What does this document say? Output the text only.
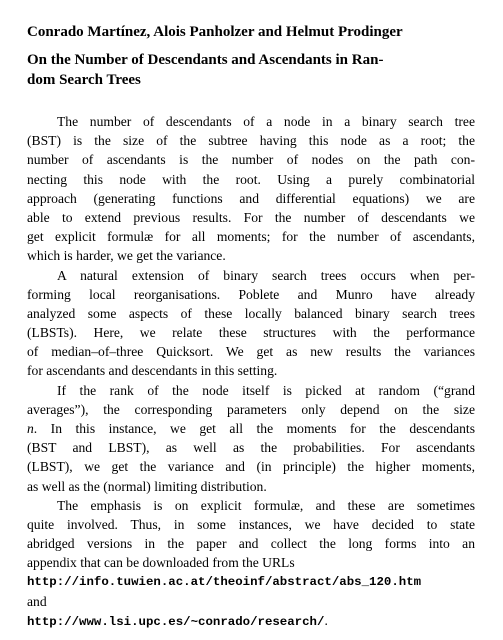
Conrado Martínez, Alois Panholzer and Helmut Prodinger
On the Number of Descendants and Ascendants in Ran-
dom Search Trees
The number of descendants of a node in a binary search tree
(BST) is the size of the subtree having this node as a root; the
number of ascendants is the number of nodes on the path con-
necting this node with the root. Using a purely combinatorial
approach (generating functions and differential equations) we are
able to extend previous results. For the number of descendants we
get explicit formulæ for all moments; for the number of ascendants,
which is harder, we get the variance.
A natural extension of binary search trees occurs when per-
forming local reorganisations. Poblete and Munro have already
analyzed some aspects of these locally balanced binary search trees
(LBSTs). Here, we relate these structures with the performance
of median–of–three Quicksort. We get as new results the variances
for ascendants and descendants in this setting.
If the rank of the node itself is picked at random (“grand
averages”), the corresponding parameters only depend on the size
n. In this instance, we get all the moments for the descendants
(BST and LBST), as well as the probabilities. For ascendants
(LBST), we get the variance and (in principle) the higher moments,
as well as the (normal) limiting distribution.
The emphasis is on explicit formulæ, and these are sometimes
quite involved. Thus, in some instances, we have decided to state
abridged versions in the paper and collect the long forms into an
appendix that can be downloaded from the URLs
http://info.tuwien.ac.at/theoinf/abstract/abs_120.htm
and
http://www.lsi.upc.es/~conrado/research/.
